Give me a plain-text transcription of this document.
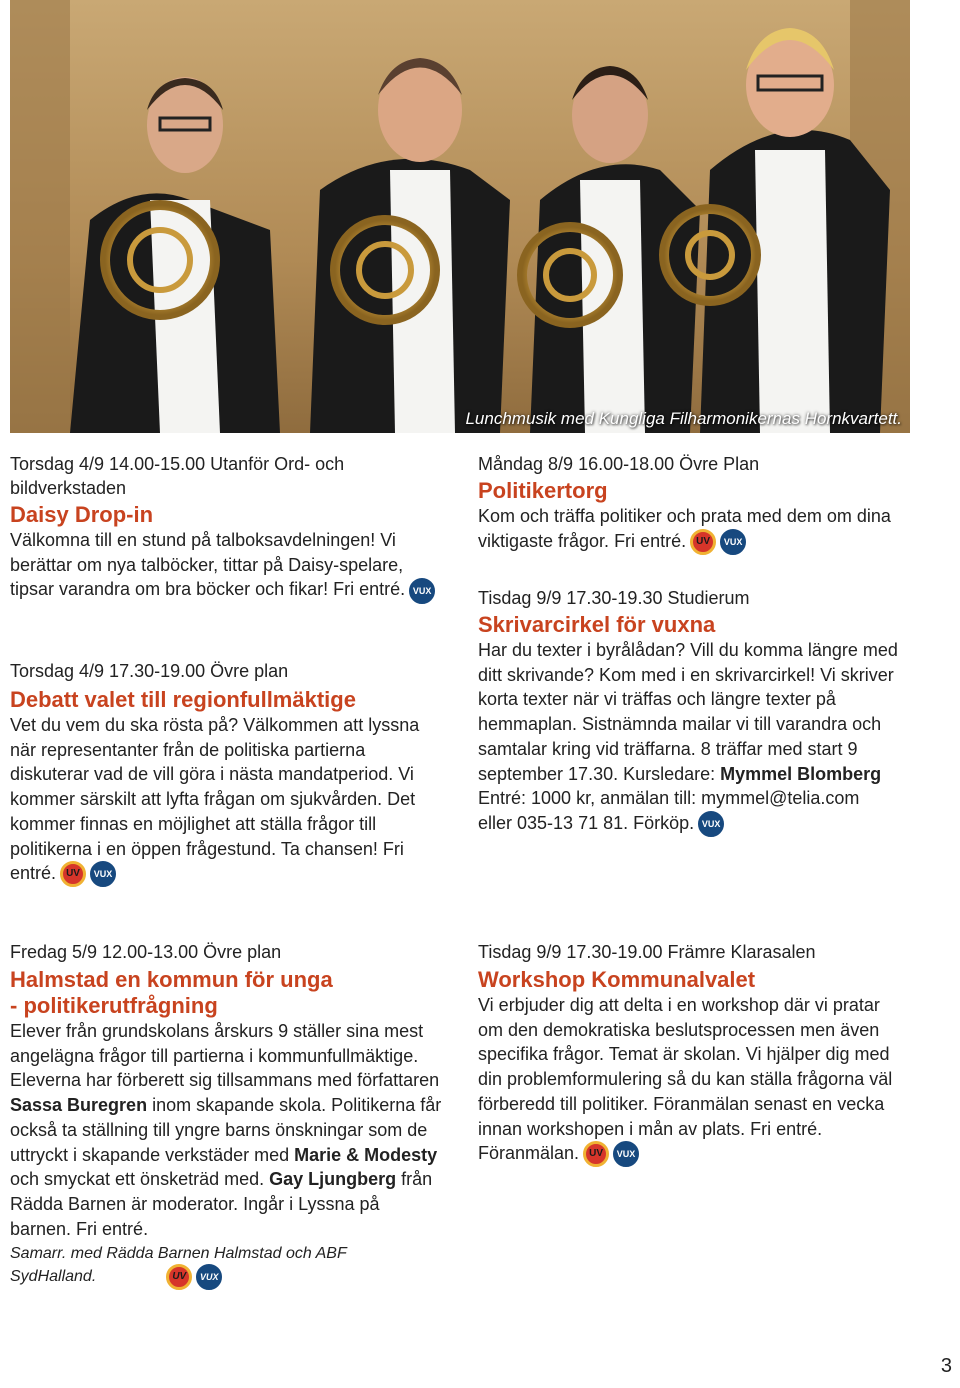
Lunchmusik med Kungliga Filharmonikernas Hornkvartett.
Torsdag 4/9 14.00-15.00 Utanför Ord- och bildverkstaden
Daisy Drop-in
Välkomna till en stund på talboksavdelningen! Vi berättar om nya talböcker, tittar på Daisy-spelare, tipsar varandra om bra böcker och fikar! Fri entré. VUX
Torsdag 4/9 17.30-19.00 Övre plan
Debatt valet till regionfullmäktige
Vet du vem du ska rösta på? Välkommen att lyssna när representanter från de politiska partierna diskuterar vad de vill göra i nästa mandatperiod. Vi kommer särskilt att lyfta frågan om sjukvården. Det kommer finnas en möjlighet att ställa frågor till politikerna i en öppen frågestund. Ta chansen! Fri entré. UV VUX
Fredag 5/9 12.00-13.00 Övre plan
Halmstad en kommun för unga
- politikerutfrågning
Elever från grundskolans årskurs 9 ställer sina mest angelägna frågor till partierna i kommunfullmäktige. Eleverna har förberett sig tillsammans med författaren Sassa Buregren inom skapande skola. Politikerna får också ta ställning till yngre barns önskningar som de uttryckt i skapande verkstäder med Marie & Modesty och smyckat ett önsketräd med. Gay Ljungberg från Rädda Barnen är moderator. Ingår i Lyssna på barnen. Fri entré.
Samarr. med Rädda Barnen Halmstad och ABF SydHalland.	UV VUX
Måndag 8/9 16.00-18.00 Övre Plan
Politikertorg
Kom och träffa politiker och prata med dem om dina viktigaste frågor. Fri entré. UV VUX
Tisdag 9/9 17.30-19.30 Studierum
Skrivarcirkel för vuxna
Har du texter i byrålådan? Vill du komma längre med ditt skrivande? Kom med i en skrivarcirkel! Vi skriver korta texter när vi träffas och längre texter på hemmaplan. Sistnämnda mailar vi till varandra och samtalar kring vid träffarna. 8 träffar med start 9 september 17.30. Kursledare: Mymmel Blomberg
Entré: 1000 kr, anmälan till: mymmel@telia.com eller 035-13 71 81. Förköp. VUX
Tisdag 9/9 17.30-19.00 Främre Klarasalen
Workshop Kommunalvalet
Vi erbjuder dig att delta i en workshop där vi pratar om den demokratiska beslutsprocessen men även specifika frågor. Temat är skolan. Vi hjälper dig med din problemformulering så du kan ställa frågorna väl förberedd till politiker. Föranmälan senast en vecka innan workshopen i mån av plats. Fri entré. Föranmälan. UV VUX
3
